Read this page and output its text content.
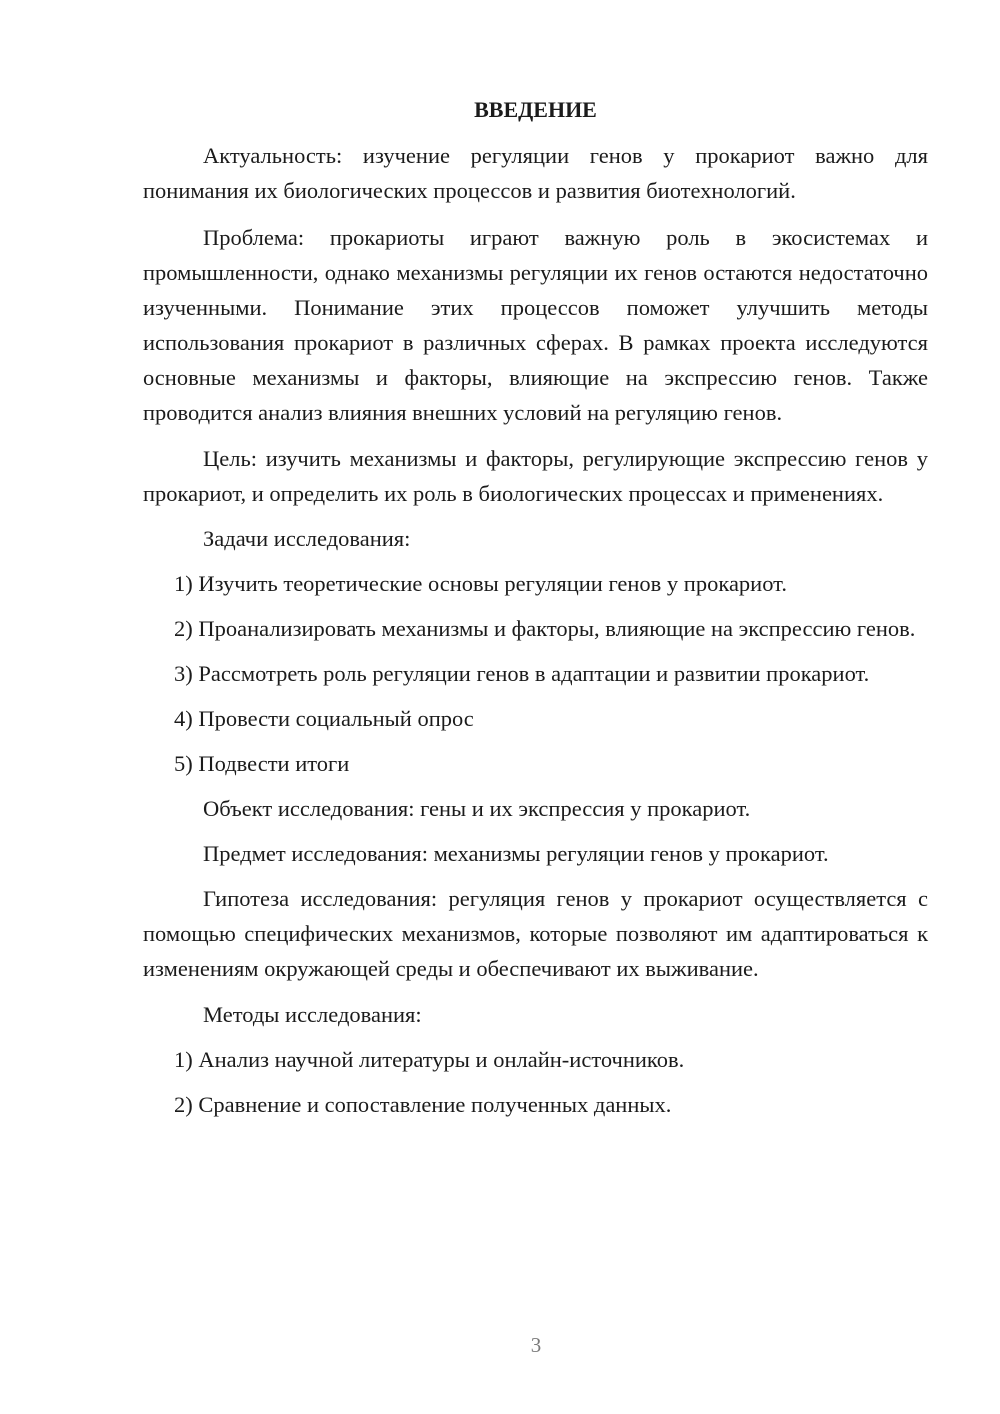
ВВЕДЕНИЕ

Актуальность: изучение регуляции генов у прокариот важно для понимания их биологических процессов и развития биотехнологий.

Проблема: прокариоты играют важную роль в экосистемах и промышленности, однако механизмы регуляции их генов остаются недостаточно изученными. Понимание этих процессов поможет улучшить методы использования прокариот в различных сферах. В рамках проекта исследуются основные механизмы и факторы, влияющие на экспрессию генов. Также проводится анализ влияния внешних условий на регуляцию генов.

Цель: изучить механизмы и факторы, регулирующие экспрессию генов у прокариот, и определить их роль в биологических процессах и применениях.

Задачи исследования:

1) Изучить теоретические основы регуляции генов у прокариот.

2) Проанализировать механизмы и факторы, влияющие на экспрессию генов.

3) Рассмотреть роль регуляции генов в адаптации и развитии прокариот.

4) Провести социальный опрос

5) Подвести итоги

Объект исследования: гены и их экспрессия у прокариот.

Предмет исследования: механизмы регуляции генов у прокариот.

Гипотеза исследования: регуляция генов у прокариот осуществляется с помощью специфических механизмов, которые позволяют им адаптироваться к изменениям окружающей среды и обеспечивают их выживание.

Методы исследования:

1) Анализ научной литературы и онлайн-источников.

2) Сравнение и сопоставление полученных данных.

3
